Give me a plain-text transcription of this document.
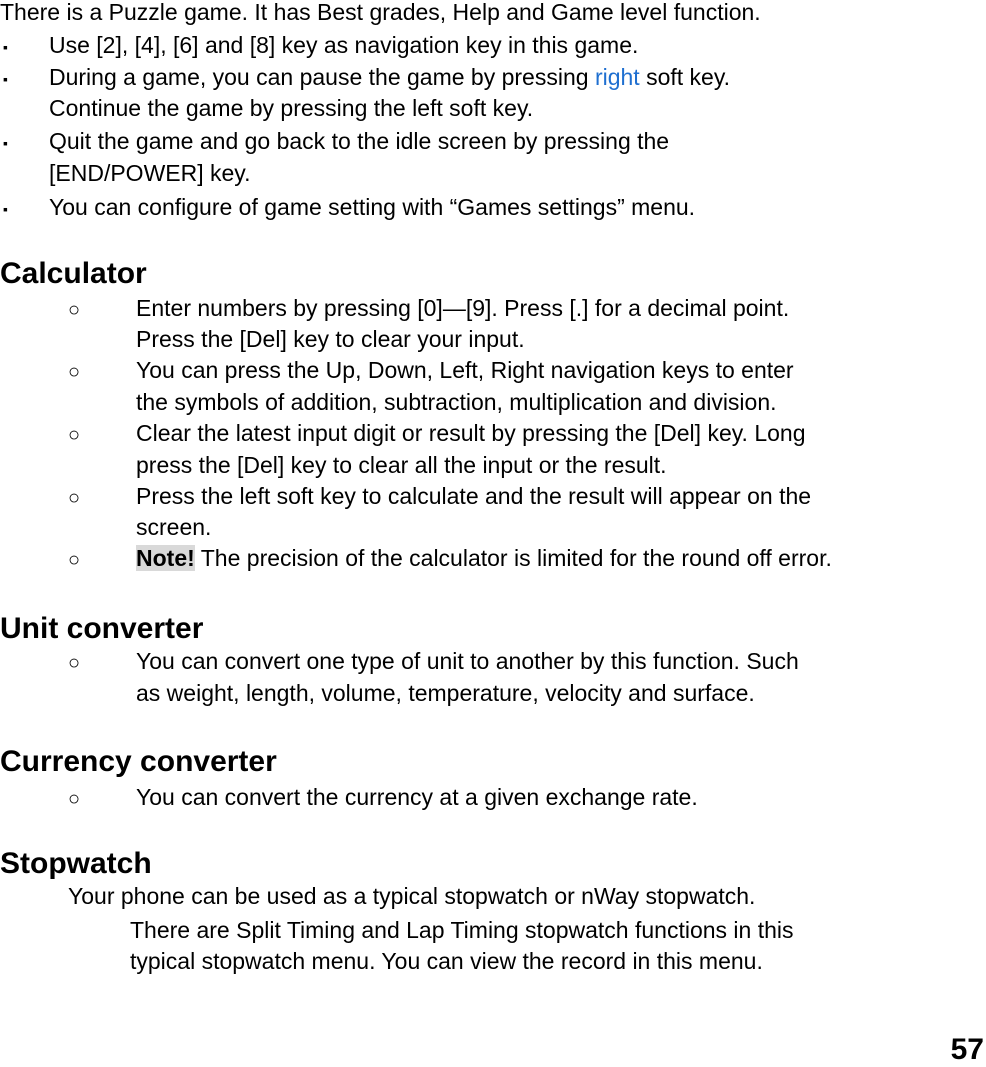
There is a Puzzle game. It has Best grades, Help and Game level function.
▪ Use [2], [4], [6] and [8] key as navigation key in this game.
▪ During a game, you can pause the game by pressing right soft key.
Continue the game by pressing the left soft key.
▪ Quit the game and go back to the idle screen by pressing the
[END/POWER] key.
▪ You can configure of game setting with “Games settings” menu.
Calculator
○ Enter numbers by pressing [0]—[9]. Press [.] for a decimal point.
Press the [Del] key to clear your input.
○ You can press the Up, Down, Left, Right navigation keys to enter
the symbols of addition, subtraction, multiplication and division.
○ Clear the latest input digit or result by pressing the [Del] key. Long
press the [Del] key to clear all the input or the result.
○ Press the left soft key to calculate and the result will appear on the
screen.
○ Note! The precision of the calculator is limited for the round off error.
Unit converter
○ You can convert one type of unit to another by this function. Such
as weight, length, volume, temperature, velocity and surface.
Currency converter
○ You can convert the currency at a given exchange rate.
Stopwatch
Your phone can be used as a typical stopwatch or nWay stopwatch.
There are Split Timing and Lap Timing stopwatch functions in this
typical stopwatch menu. You can view the record in this menu.
57
